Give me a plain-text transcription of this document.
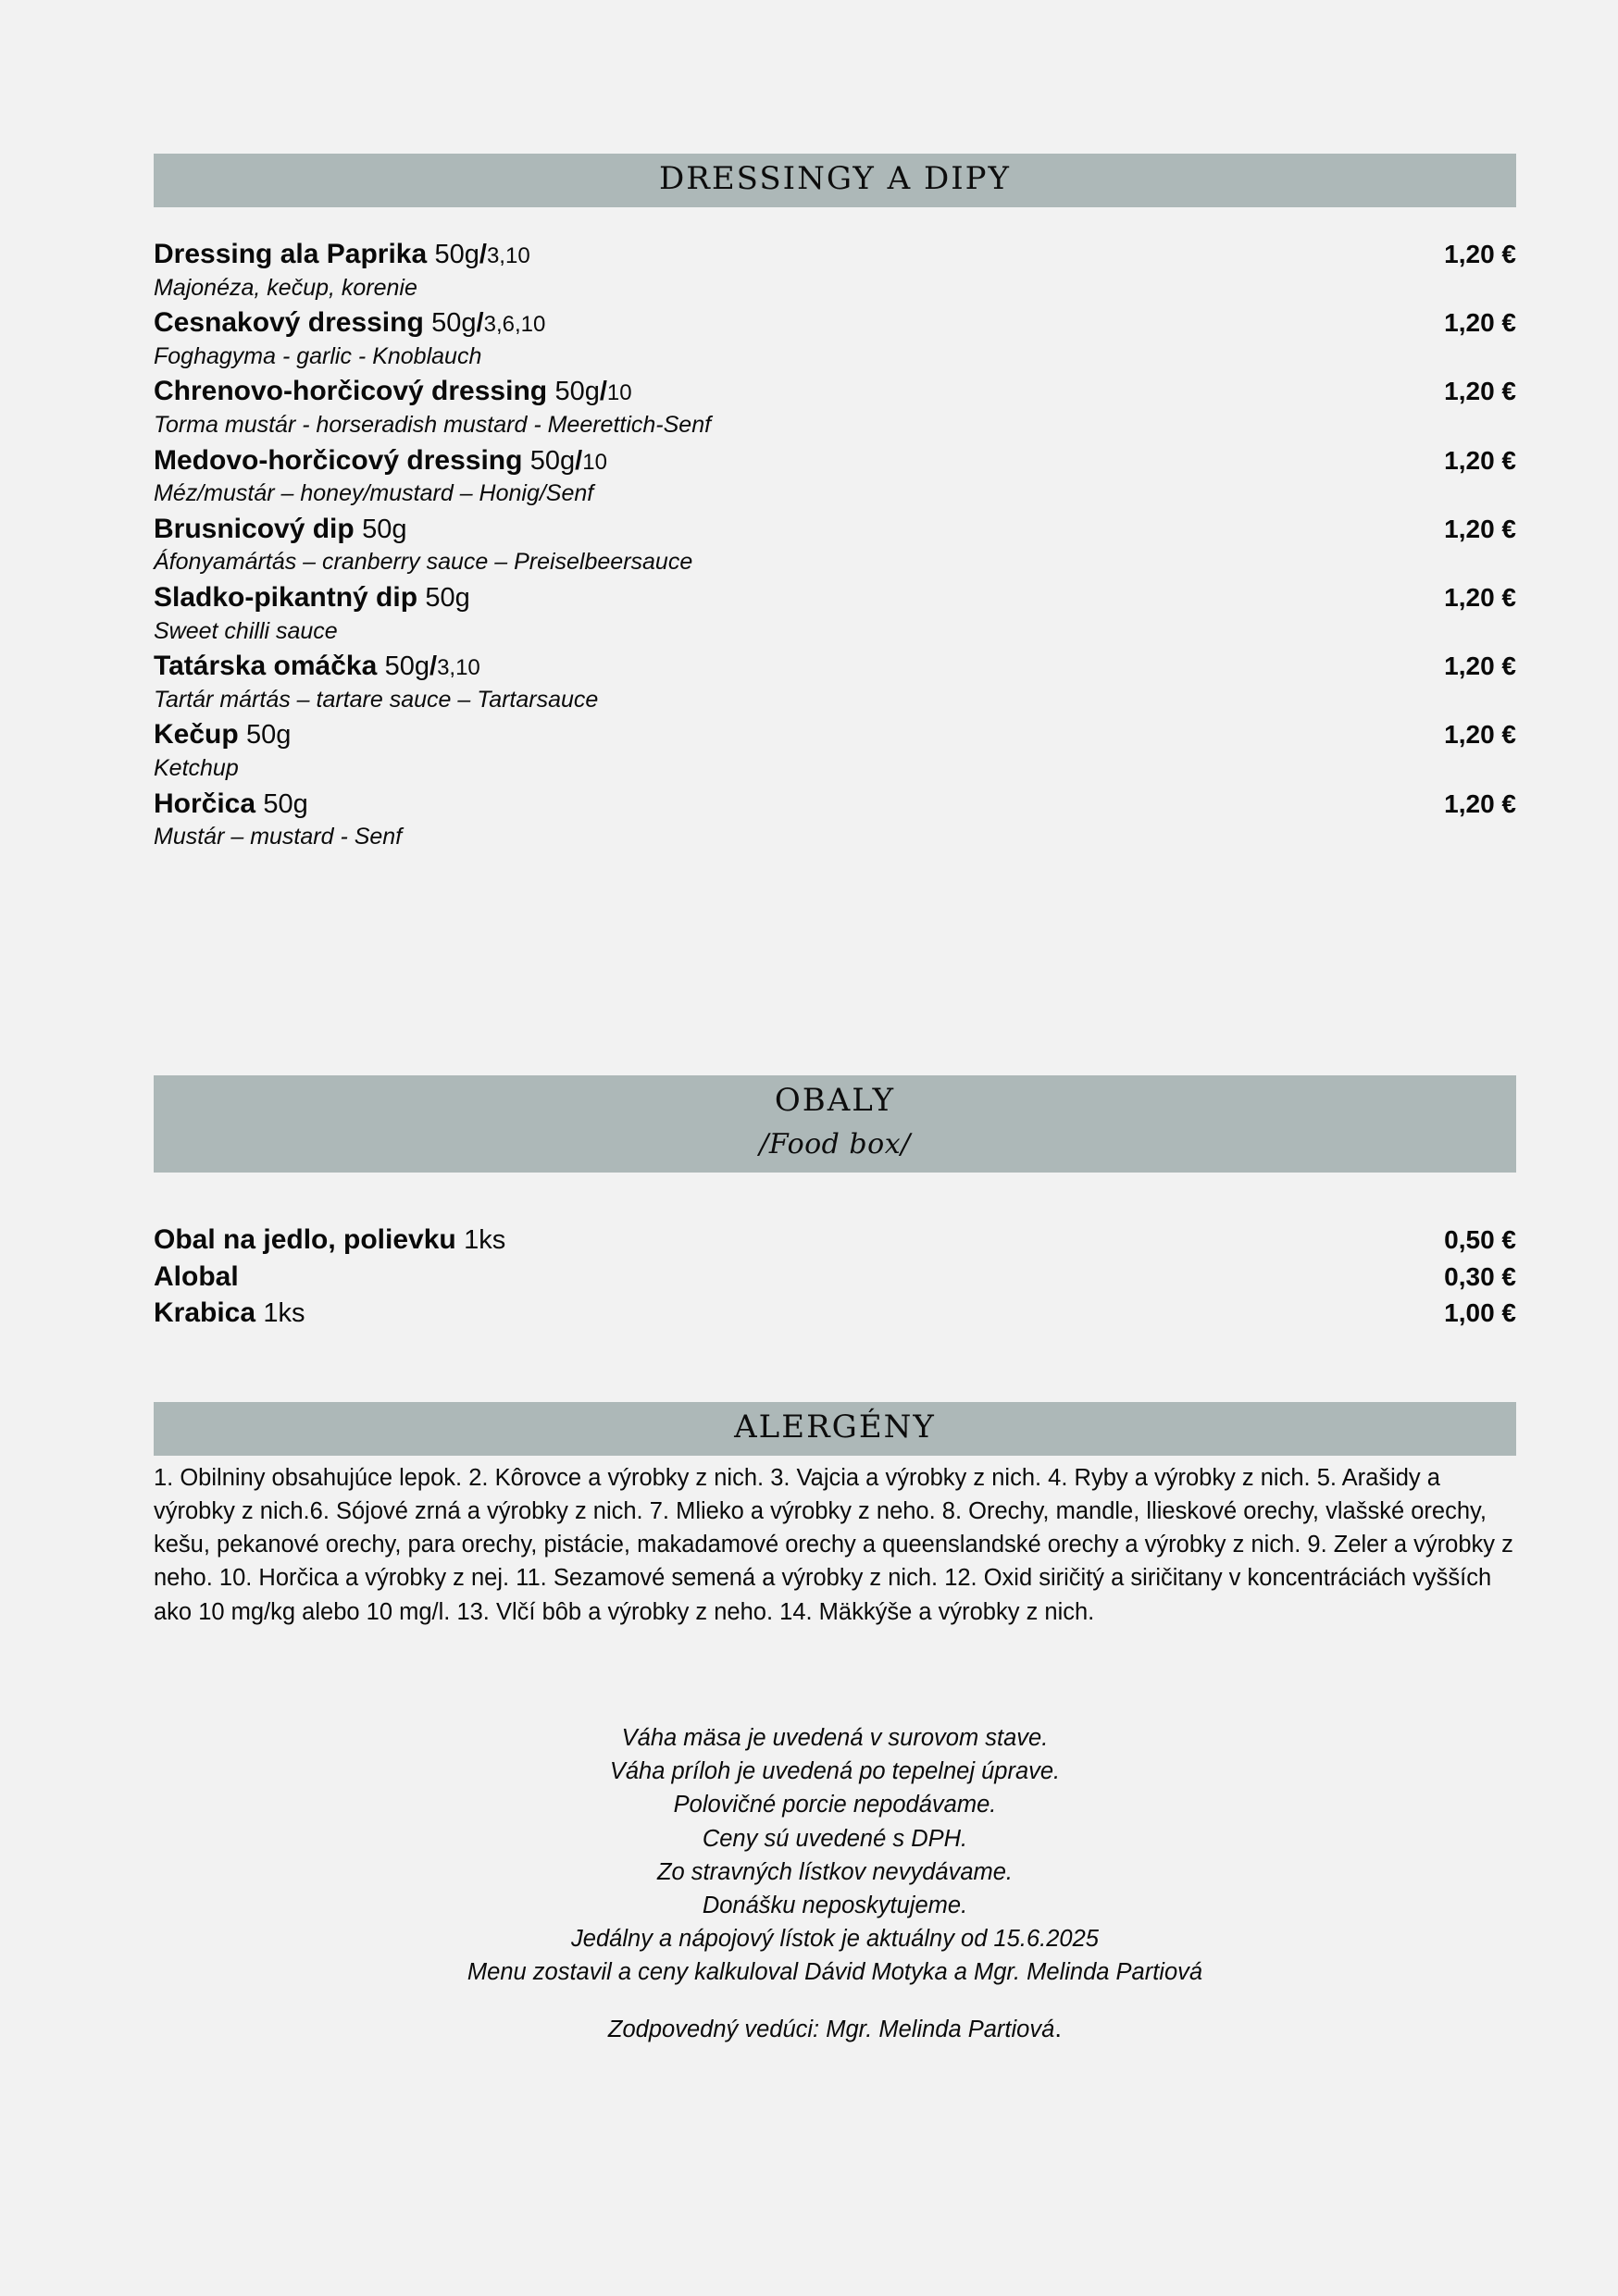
DRESSINGY A DIPY
Dressing ala Paprika 50g/3,10	1,20 €
Majonéza, kečup, korenie
Cesnakový dressing 50g/3,6,10	1,20 €
Foghagyma - garlic - Knoblauch
Chrenovo-horčicový dressing 50g/10	1,20 €
Torma mustár - horseradish mustard - Meerettich-Senf
Medovo-horčicový dressing 50g/10	1,20 €
Méz/mustár – honey/mustard – Honig/Senf
Brusnicový dip 50g	1,20 €
Áfonyamártás – cranberry sauce – Preiselbeersauce
Sladko-pikantný dip 50g	1,20 €
Sweet chilli sauce
Tatárska omáčka 50g/3,10	1,20 €
Tartár mártás – tartare sauce – Tartarsauce
Kečup 50g	1,20 €
Ketchup
Horčica 50g	1,20 €
Mustár – mustard - Senf
OBALY
/Food box/
Obal na jedlo, polievku 1ks	0,50 €
Alobal	0,30 €
Krabica 1ks	1,00 €
ALERGÉNY
1. Obilniny obsahujúce lepok. 2. Kôrovce a výrobky z nich. 3. Vajcia a výrobky z nich. 4. Ryby a výrobky z nich. 5. Arašidy a výrobky z nich.6. Sójové zrná a výrobky z nich. 7. Mlieko a výrobky z neho. 8. Orechy, mandle, llieskové orechy, vlašské orechy, kešu, pekanové orechy, para orechy, pistácie, makadamové orechy a queenslandské orechy a výrobky z nich. 9. Zeler a výrobky z neho. 10. Horčica a výrobky z nej. 11. Sezamové semená a výrobky z nich. 12. Oxid siričitý a siričitany v koncentráciách vyšších ako 10 mg/kg alebo 10 mg/l. 13. Vlčí bôb a výrobky z neho. 14. Mäkkýše a výrobky z nich.
Váha mäsa je uvedená v surovom stave.
Váha príloh je uvedená po tepelnej úprave.
Polovičné porcie nepodávame.
Ceny sú uvedené s DPH.
Zo stravných lístkov nevydávame.
Donášku neposkytujeme.
Jedálny a nápojový lístok je aktuálny od 15.6.2025
Menu zostavil a ceny kalkuloval Dávid Motyka a Mgr. Melinda Partiová
Zodpovedný vedúci: Mgr. Melinda Partiová.
